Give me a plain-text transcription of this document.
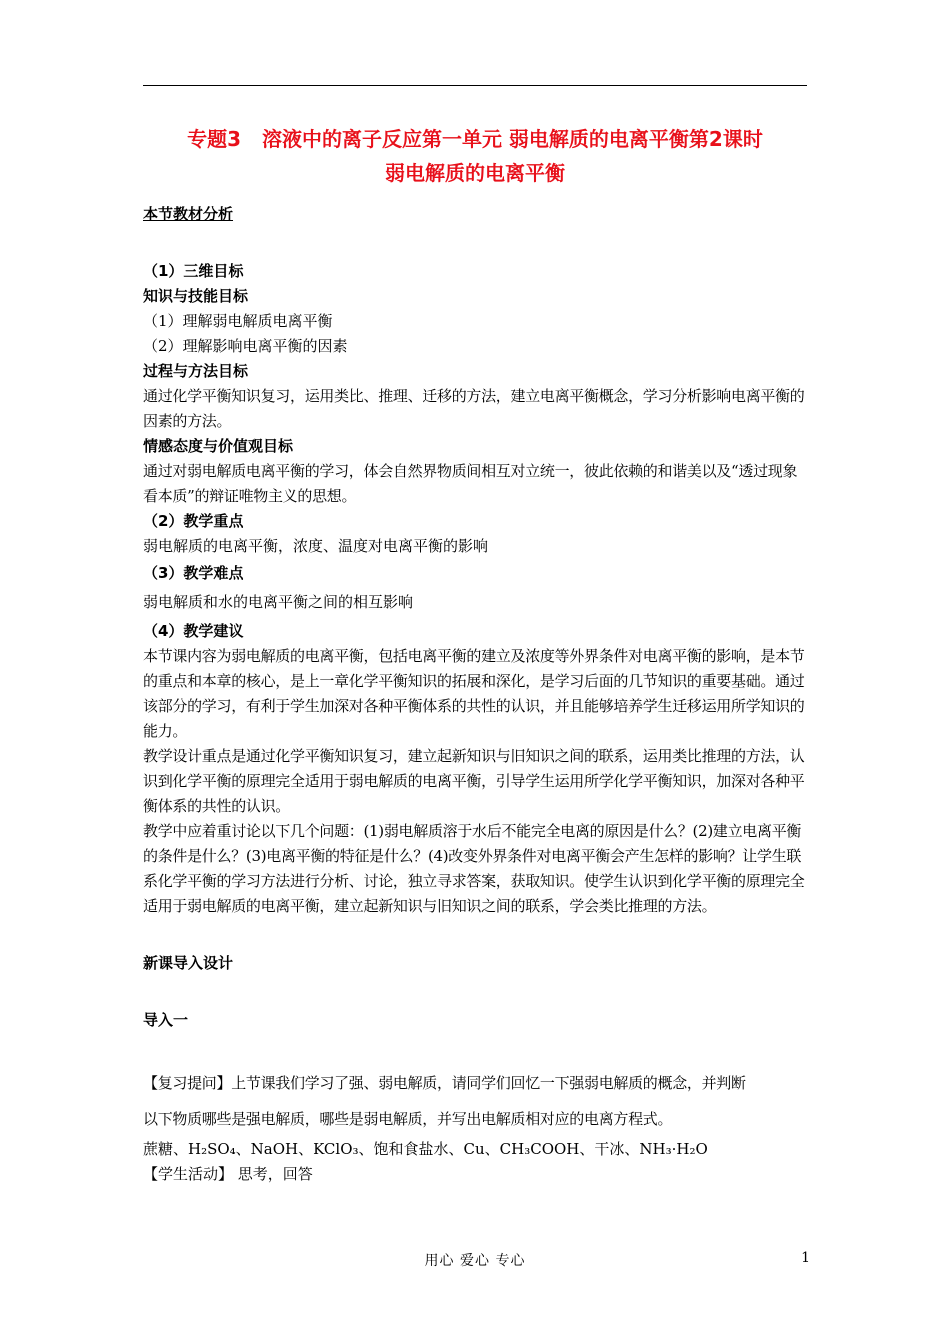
专题3   溶液中的离子反应第一单元 弱电解质的电离平衡第2课时
弱电解质的电离平衡

本节教材分析

（1）三维目标

知识与技能目标

（1）理解弱电解质电离平衡

（2）理解影响电离平衡的因素

过程与方法目标

通过化学平衡知识复习，运用类比、推理、迁移的方法，建立电离平衡概念，学习分析影响电离平衡的因素的方法。

情感态度与价值观目标

通过对弱电解质电离平衡的学习，体会自然界物质间相互对立统一，彼此依赖的和谐美以及“透过现象看本质”的辩证唯物主义的思想。

（2）教学重点

弱电解质的电离平衡，浓度、温度对电离平衡的影响

（3）教学难点

弱电解质和水的电离平衡之间的相互影响

（4）教学建议

本节课内容为弱电解质的电离平衡，包括电离平衡的建立及浓度等外界条件对电离平衡的影响，是本节的重点和本章的核心，是上一章化学平衡知识的拓展和深化，是学习后面的几节知识的重要基础。通过该部分的学习，有利于学生加深对各种平衡体系的共性的认识，并且能够培养学生迁移运用所学知识的能力。

教学设计重点是通过化学平衡知识复习，建立起新知识与旧知识之间的联系，运用类比推理的方法，认识到化学平衡的原理完全适用于弱电解质的电离平衡，引导学生运用所学化学平衡知识，加深对各种平衡体系的共性的认识。

教学中应着重讨论以下几个问题：(1)弱电解质溶于水后不能完全电离的原因是什么？(2)建立电离平衡的条件是什么？(3)电离平衡的特征是什么？(4)改变外界条件对电离平衡会产生怎样的影响？让学生联系化学平衡的学习方法进行分析、讨论，独立寻求答案，获取知识。使学生认识到化学平衡的原理完全适用于弱电解质的电离平衡，建立起新知识与旧知识之间的联系，学会类比推理的方法。

新课导入设计

导入一

【复习提问】上节课我们学习了强、弱电解质，请同学们回忆一下强弱电解质的概念，并判断

以下物质哪些是强电解质，哪些是弱电解质，并写出电解质相对应的电离方程式。

蔗糖、H₂SO₄、NaOH、KClO₃、饱和食盐水、Cu、CH₃COOH、干冰、NH₃·H₂O

【学生活动】 思考，回答

用心 爱心 专心	1
